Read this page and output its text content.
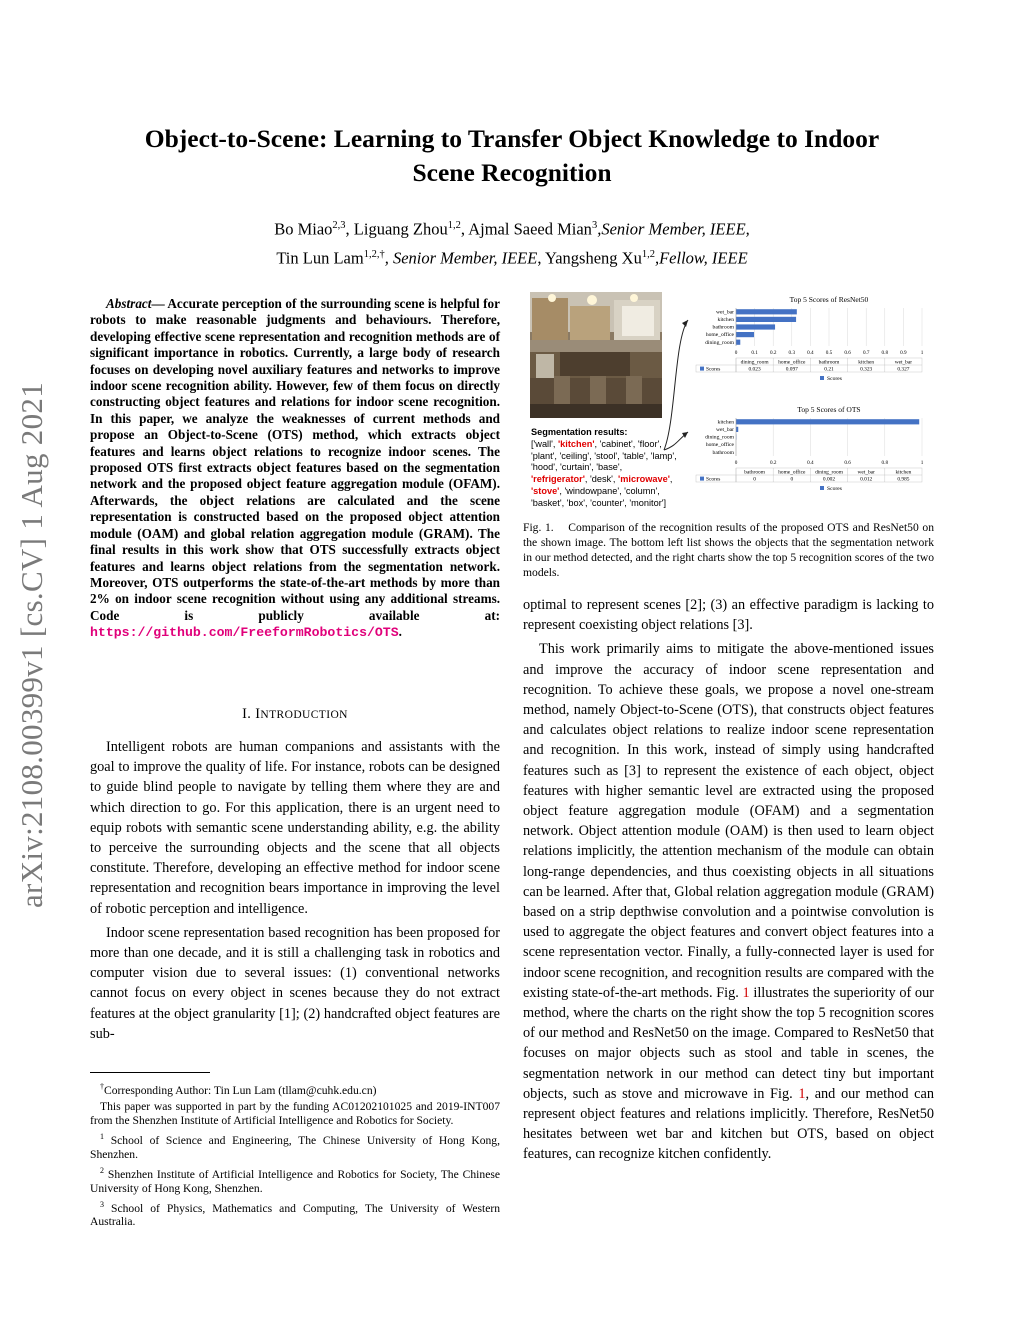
arXiv:2108.00399v1 [cs.CV] 1 Aug 2021
Object-to-Scene: Learning to Transfer Object Knowledge to Indoor
Scene Recognition
Bo Miao$^{2,3}$, Liguang Zhou$^{1,2}$, Ajmal Saeed Mian$^3$,Senior Member, IEEE,
Tin Lun Lam$^{1,2,\dagger}$, Senior Member, IEEE, Yangsheng Xu$^{1,2}$,Fellow, IEEE
Abstract— Accurate perception of the surrounding scene is helpful for robots to make reasonable judgments and behaviours. Therefore, developing effective scene representation and recognition methods are of significant importance in robotics. Currently, a large body of research focuses on developing novel auxiliary features and networks to improve indoor scene recognition ability. However, few of them focus on directly constructing object features and relations for indoor scene recognition. In this paper, we analyze the weaknesses of current methods and propose an Object-to-Scene (OTS) method, which extracts object features and learns object relations to recognize indoor scenes. The proposed OTS first extracts object features based on the segmentation network and the proposed object feature aggregation module (OFAM). Afterwards, the object relations are calculated and the scene representation is constructed based on the proposed object attention module (OAM) and global relation aggregation module (GRAM). The final results in this work show that OTS successfully extracts object features and learns object relations from the segmentation network. Moreover, OTS outperforms the state-of-the-art methods by more than 2% on indoor scene recognition without using any additional streams. Code is publicly available at: https://github.com/FreeformRobotics/OTS.
I. INTRODUCTION

Intelligent robots are human companions and assistants with the goal to improve the quality of life. For instance, robots can be designed to guide blind people to navigate by telling them where they are and which direction to go. For this application, there is an urgent need to equip robots with semantic scene understanding ability, e.g. the ability to perceive the surrounding objects and the scene that all objects constitute. Therefore, developing an effective method for indoor scene representation and recognition bears importance in improving the level of robotic perception and intelligence.

Indoor scene representation based recognition has been proposed for more than one decade, and it is still a challenging task in robotics and computer vision due to several issues: (1) conventional networks cannot focus on every object in scenes because they do not extract features at the object granularity [1]; (2) handcrafted object features are sub-

†Corresponding Author: Tin Lun Lam (tllam@cuhk.edu.cn)

This paper was supported in part by the funding AC01202101025 and 2019-INT007 from the Shenzhen Institute of Artificial Intelligence and Robotics for Society.

$^1$ School of Science and Engineering, The Chinese University of Hong Kong, Shenzhen.

$^2$ Shenzhen Institute of Artificial Intelligence and Robotics for Society, The Chinese University of Hong Kong, Shenzhen.

$^3$ School of Physics, Mathematics and Computing, The University of Western Australia.

Segmentation results:
['wall', 'kitchen', 'cabinet', 'floor', 'plant', 'ceiling', 'stool', 'table', 'lamp', 'hood', 'curtain', 'base', 'refrigerator', 'desk', 'microwave', 'stove', 'windowpane', 'column', 'basket', 'box', 'counter', 'monitor']
Top 5 Scores of ResNet50
0	0.1 0.2 0.3 0.4 0.5 0.6 0.7 0.8 0.9	1
wet_bar
kitchen
bathroom
home_office
dining_room
Scores
dining_room
0.023
home_office
0.097
bathroom
0.21
kitchen
0.323
wet_bar
0.327
Scores
Top 5 Scores of OTS
0	0.2	0.4	0.6	0.8	1
kitchen
wet_bar
dining_room
home_office
bathroom
Scores
bathroom
0
home_office
0
dining_room
0.002
wet_bar
0.012
kitchen
0.985
Scores
Fig. 1. Comparison of the recognition results of the proposed OTS and ResNet50 on the shown image. The bottom left list shows the objects that the segmentation network in our method detected, and the right charts show the top 5 recognition scores of the two models.

optimal to represent scenes [2]; (3) an effective paradigm is lacking to represent coexisting object relations [3].

This work primarily aims to mitigate the above-mentioned issues and improve the accuracy of indoor scene representation and recognition. To achieve these goals, we propose a novel one-stream method, namely Object-to-Scene (OTS), that constructs object features and calculates object relations to realize indoor scene representation and recognition. In this work, instead of simply using handcrafted features such as [3] to represent the existence of each object, object features with higher semantic level are extracted using the proposed object feature aggregation module (OFAM) and a segmentation network. Object attention module (OAM) is then used to learn object relations implicitly, the attention mechanism of the module can obtain long-range dependencies, and thus coexisting objects in all situations can be learned. After that, Global relation aggregation module (GRAM) based on a strip depthwise convolution and a pointwise convolution is used to aggregate the object features and convert object features into a scene representation vector. Finally, a fully-connected layer is used for indoor scene recognition, and recognition results are compared with the existing state-of-the-art methods. Fig. 1 illustrates the superiority of our method, where the charts on the right show the top 5 recognition scores of our method and ResNet50 on the image. Compared to ResNet50 that focuses on major objects such as stool and table in scenes, the segmentation network in our method can detect tiny but important objects, such as stove and microwave in Fig. 1, and our method can represent object features and relations implicitly. Therefore, ResNet50 hesitates between wet bar and kitchen but OTS, based on object features, can recognize kitchen confidently.
